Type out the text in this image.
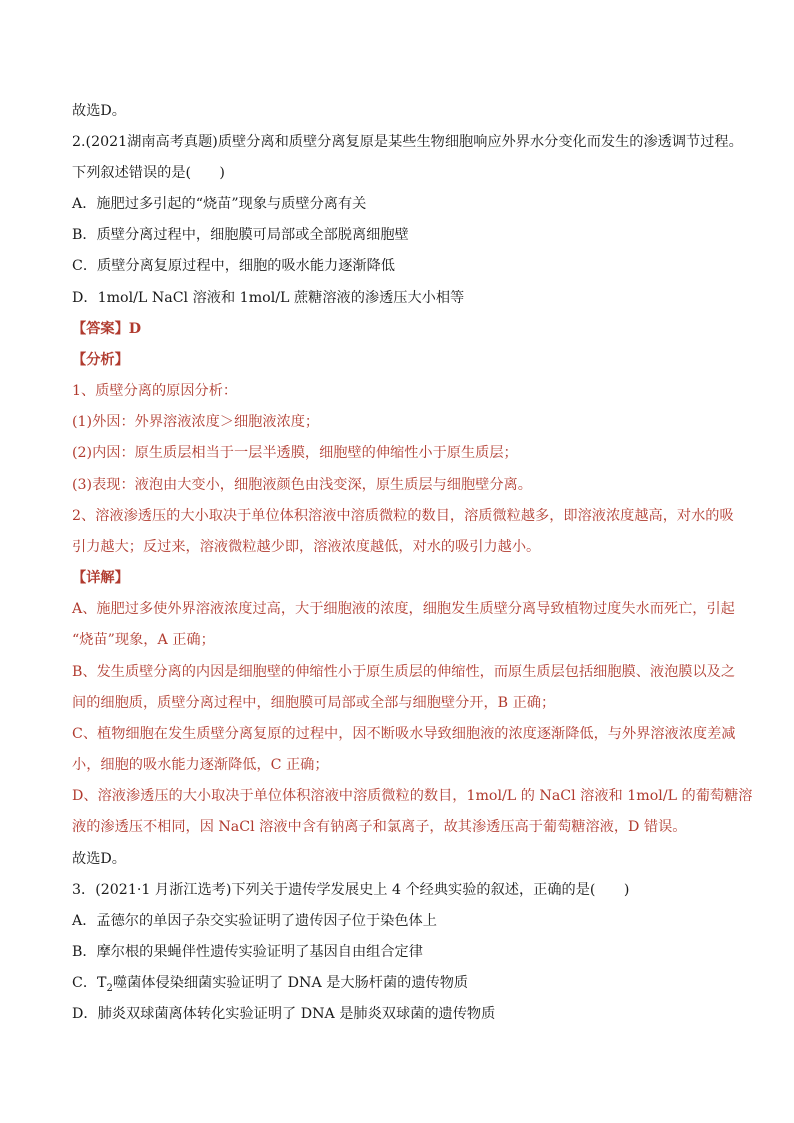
故选D。
2.(2021湖南高考真题)质壁分离和质壁分离复原是某些生物细胞响应外界水分变化而发生的渗透调节过程。
下列叙述错误的是(　　)
A．施肥过多引起的“烧苗”现象与质壁分离有关
B．质壁分离过程中，细胞膜可局部或全部脱离细胞壁
C．质壁分离复原过程中，细胞的吸水能力逐渐降低
D．1mol/L NaCl 溶液和 1mol/L 蔗糖溶液的渗透压大小相等
【答案】D
【分析】
1、质壁分离的原因分析：
(1)外因：外界溶液浓度＞细胞液浓度；
(2)内因：原生质层相当于一层半透膜，细胞壁的伸缩性小于原生质层；
(3)表现：液泡由大变小，细胞液颜色由浅变深，原生质层与细胞壁分离。
2、溶液渗透压的大小取决于单位体积溶液中溶质微粒的数目，溶质微粒越多，即溶液浓度越高，对水的吸
引力越大；反过来，溶液微粒越少即，溶液浓度越低，对水的吸引力越小。
【详解】
A、施肥过多使外界溶液浓度过高，大于细胞液的浓度，细胞发生质壁分离导致植物过度失水而死亡，引起
“烧苗”现象，A 正确；
B、发生质壁分离的内因是细胞壁的伸缩性小于原生质层的伸缩性，而原生质层包括细胞膜、液泡膜以及之
间的细胞质，质壁分离过程中，细胞膜可局部或全部与细胞壁分开，B 正确；
C、植物细胞在发生质壁分离复原的过程中，因不断吸水导致细胞液的浓度逐渐降低，与外界溶液浓度差减
小，细胞的吸水能力逐渐降低，C 正确；
D、溶液渗透压的大小取决于单位体积溶液中溶质微粒的数目，1mol/L 的 NaCl 溶液和 1mol/L 的葡萄糖溶
液的渗透压不相同，因 NaCl 溶液中含有钠离子和氯离子，故其渗透压高于葡萄糖溶液，D 错误。
故选D。
3．(2021·1 月浙江选考)下列关于遗传学发展史上 4 个经典实验的叙述，正确的是(　　)
A．孟德尔的单因子杂交实验证明了遗传因子位于染色体上
B．摩尔根的果蝇伴性遗传实验证明了基因自由组合定律
C．$T_2$噬菌体侵染细菌实验证明了 DNA 是大肠杆菌的遗传物质
D．肺炎双球菌离体转化实验证明了 DNA 是肺炎双球菌的遗传物质
